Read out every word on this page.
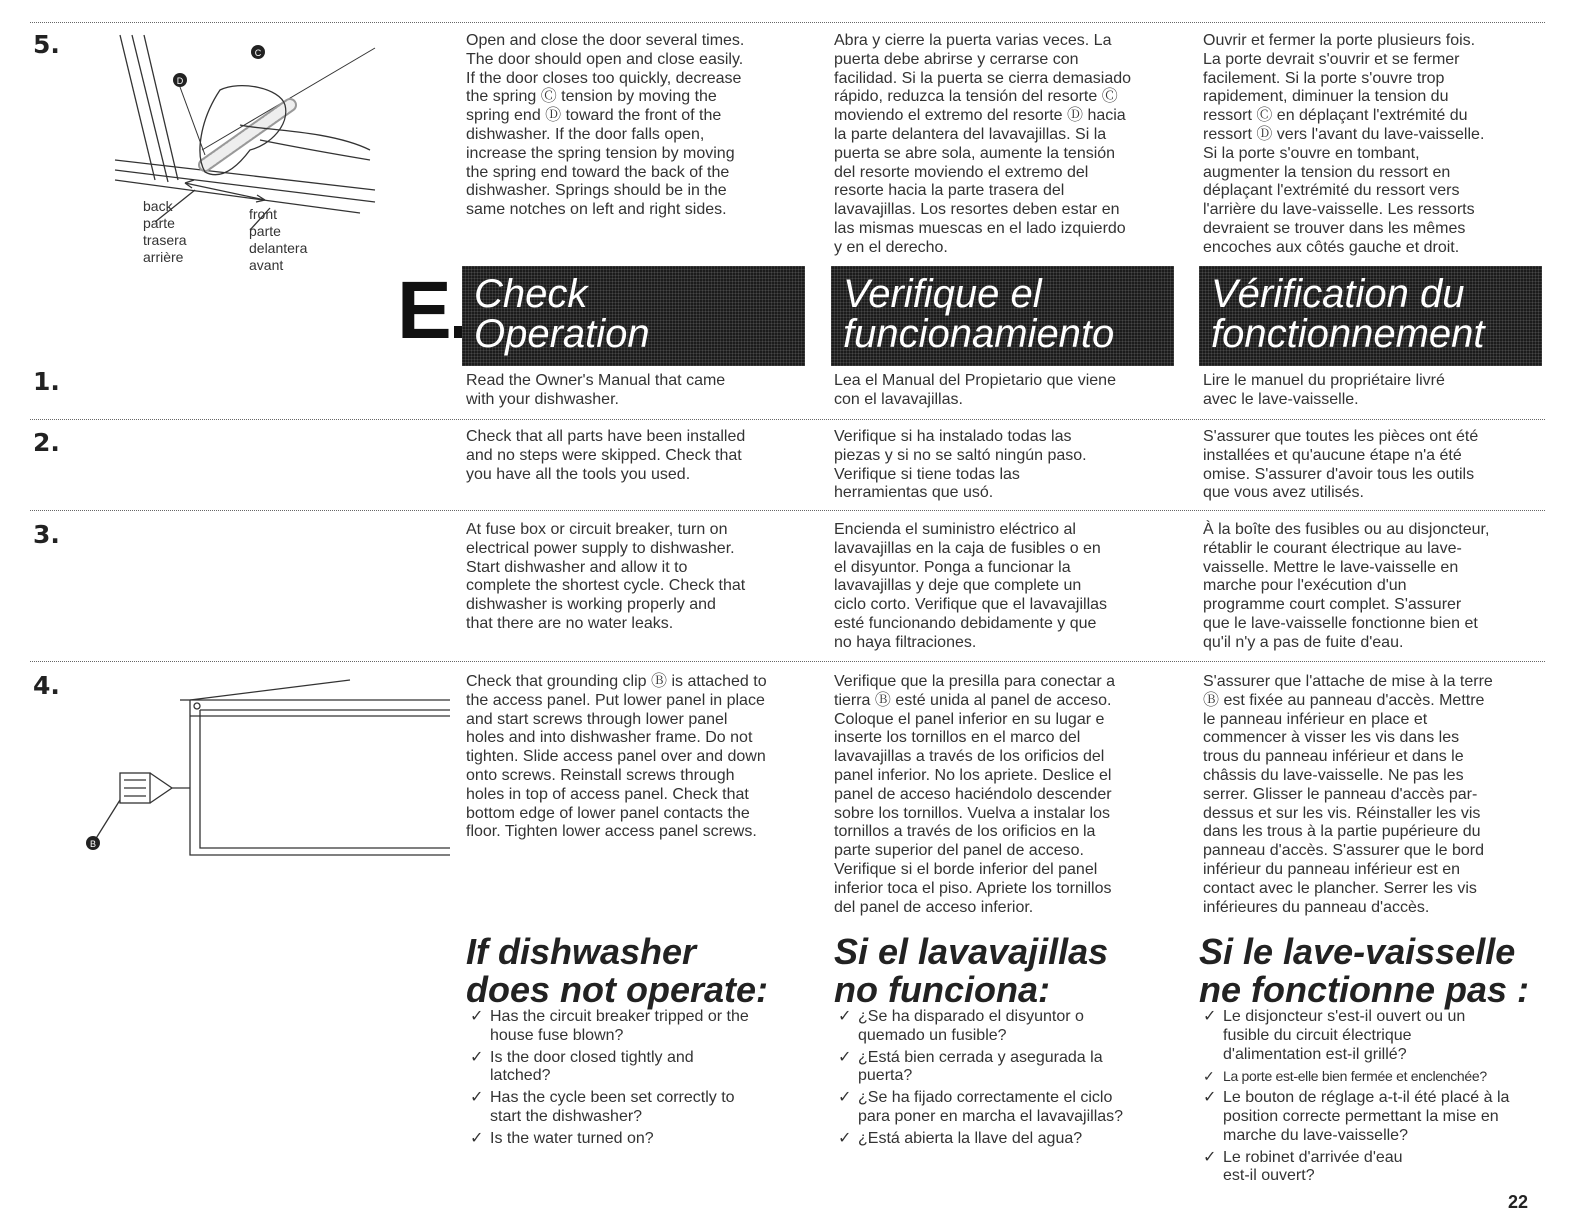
5.	C
D
back
parte
trasera
arrière
front
parte
delantera
avant
Open and close the door several times.
The door should open and close easily.
If the door closes too quickly, decrease
the spring Ⓒ tension by moving the
spring end Ⓓ toward the front of the
dishwasher. If the door falls open,
increase the spring tension by moving
the spring end toward the back of the
dishwasher. Springs should be in the
same notches on left and right sides.
Abra y cierre la puerta varias veces. La
puerta debe abrirse y cerrarse con
facilidad. Si la puerta se cierra demasiado
rápido, reduzca la tensión del resorte Ⓒ
moviendo el extremo del resorte Ⓓ hacia
la parte delantera del lavavajillas. Si la
puerta se abre sola, aumente la tensión
del resorte moviendo el extremo del
resorte hacia la parte trasera del
lavavajillas. Los resortes deben estar en
las mismas muescas en el lado izquierdo
y en el derecho.
Ouvrir et fermer la porte plusieurs fois.
La porte devrait s'ouvrir et se fermer
facilement. Si la porte s'ouvre trop
rapidement, diminuer la tension du
ressort Ⓒ en déplaçant l'extrémité du
ressort Ⓓ vers l'avant du lave-vaisselle.
Si la porte s'ouvre en tombant,
augmenter la tension du ressort en
déplaçant l'extrémité du ressort vers
l'arrière du lave-vaisselle. Les ressorts
devraient se trouver dans les mêmes
encoches aux côtés gauche et droit.
E Check
Operation
Verifique el
funcionamiento
Vérification du
fonctionnement
1.	Read the Owner's Manual that came
with your dishwasher.
Lea el Manual del Propietario que viene
con el lavavajillas.
Lire le manuel du propriétaire livré
avec le lave-vaisselle.
2.	Check that all parts have been installed
and no steps were skipped. Check that
you have all the tools you used.
Verifique si ha instalado todas las
piezas y si no se saltó ningún paso.
Verifique si tiene todas las
herramientas que usó.
S'assurer que toutes les pièces ont été
installées et qu'aucune étape n'a été
omise. S'assurer d'avoir tous les outils
que vous avez utilisés.
3.	At fuse box or circuit breaker, turn on
electrical power supply to dishwasher.
Start dishwasher and allow it to
complete the shortest cycle. Check that
dishwasher is working properly and
that there are no water leaks.
Encienda el suministro eléctrico al
lavavajillas en la caja de fusibles o en
el disyuntor. Ponga a funcionar la
lavavajillas y deje que complete un
ciclo corto. Verifique que el lavavajillas
esté funcionando debidamente y que
no haya filtraciones.
À la boîte des fusibles ou au disjoncteur,
rétablir le courant électrique au lave-
vaisselle. Mettre le lave-vaisselle en
marche pour l'exécution d'un
programme court complet. S'assurer
que le lave-vaisselle fonctionne bien et
qu'il n'y a pas de fuite d'eau.
4.
B
Check that grounding clip Ⓑ is attached to
the access panel. Put lower panel in place
and start screws through lower panel
holes and into dishwasher frame. Do not
tighten. Slide access panel over and down
onto screws. Reinstall screws through
holes in top of access panel. Check that
bottom edge of lower panel contacts the
floor. Tighten lower access panel screws.
Verifique que la presilla para conectar a
tierra Ⓑ esté unida al panel de acceso.
Coloque el panel inferior en su lugar e
inserte los tornillos en el marco del
lavavajillas a través de los orificios del
panel inferior. No los apriete. Deslice el
panel de acceso haciéndolo descender
sobre los tornillos. Vuelva a instalar los
tornillos a través de los orificios en la
parte superior del panel de acceso.
Verifique si el borde inferior del panel
inferior toca el piso. Apriete los tornillos
del panel de acceso inferior.
S'assurer que l'attache de mise à la terre
Ⓑ est fixée au panneau d'accès. Mettre
le panneau inférieur en place et
commencer à visser les vis dans les
trous du panneau inférieur et dans le
châssis du lave-vaisselle. Ne pas les
serrer. Glisser le panneau d'accès par-
dessus et sur les vis. Réinstaller les vis
dans les trous à la partie pupérieure du
panneau d'accès. S'assurer que le bord
inférieur du panneau inférieur est en
contact avec le plancher. Serrer les vis
inférieures du panneau d'accès.
If dishwasher
does not operate:
Si el lavavajillas
no funciona:
Si le lave-vaisselle
ne fonctionne pas :
✓ Has the circuit breaker tripped or the
house fuse blown?
✓ Is the door closed tightly and
latched?
✓ Has the cycle been set correctly to
start the dishwasher?
✓ Is the water turned on?
✓ ¿Se ha disparado el disyuntor o
quemado un fusible?
✓ ¿Está bien cerrada y asegurada la
puerta?
✓ ¿Se ha fijado correctamente el ciclo
para poner en marcha el lavavajillas?
✓ ¿Está abierta la llave del agua?
✓ Le disjoncteur s'est-il ouvert ou un
fusible du circuit électrique
d'alimentation est-il grillé?
✓ La porte est-elle bien fermée et enclenchée?
✓ Le bouton de réglage a-t-il été placé à la
position correcte permettant la mise en
marche du lave-vaisselle?
✓ Le robinet d'arrivée d'eau
est-il ouvert?
22
